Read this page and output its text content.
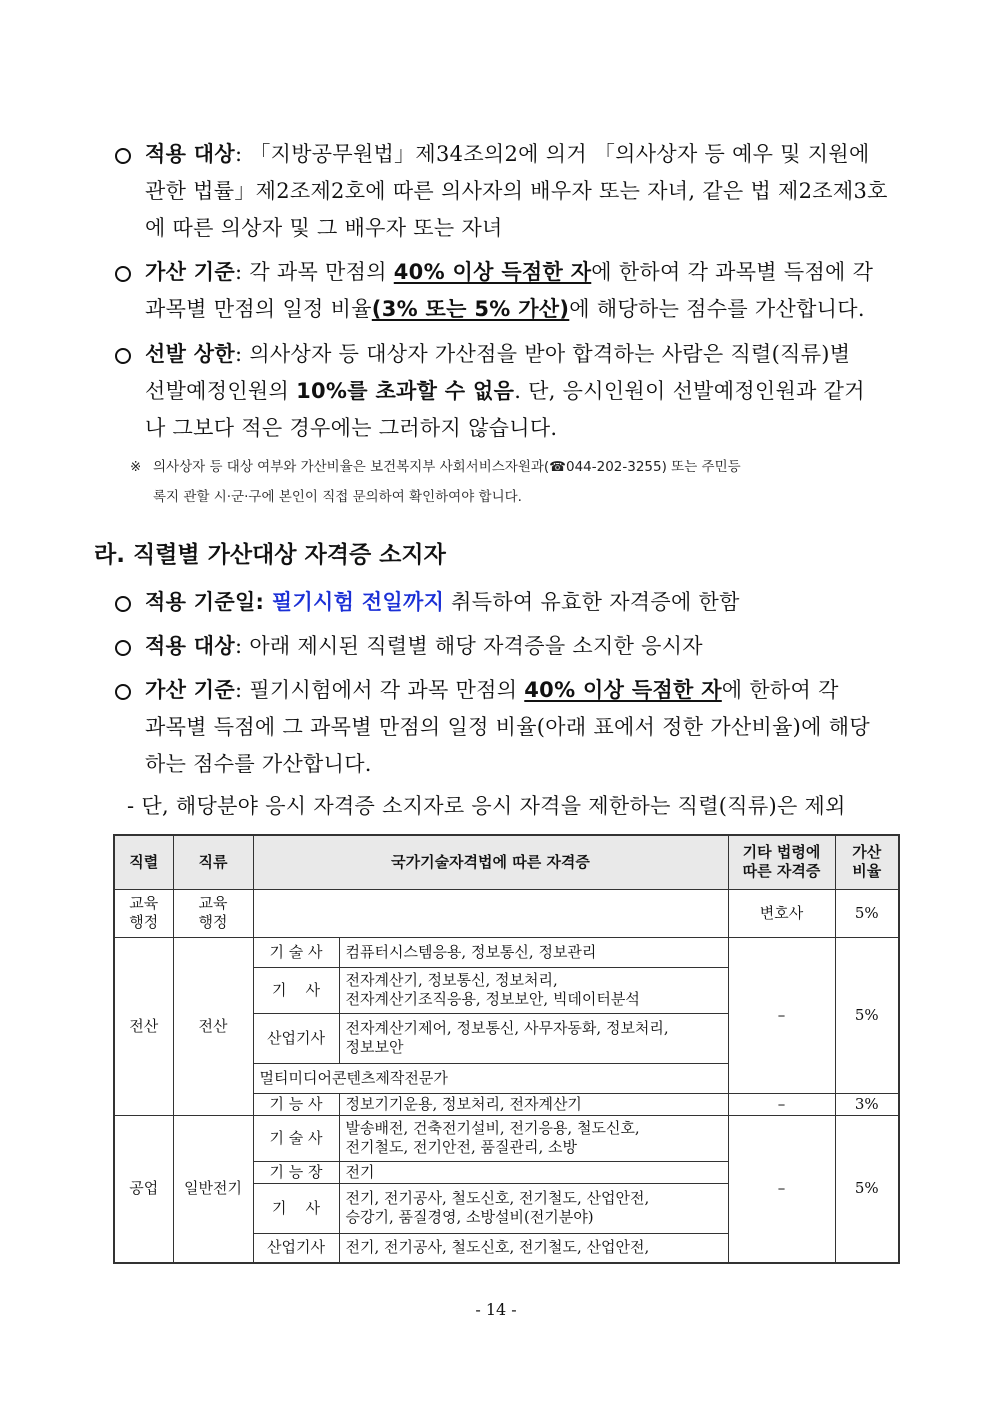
적용 대상: 「지방공무원법」제34조의2에 의거 「의사상자 등 예우 및 지원에
관한 법률」제2조제2호에 따른 의사자의 배우자 또는 자녀, 같은 법 제2조제3호
에 따른 의상자 및 그 배우자 또는 자녀
가산 기준: 각 과목 만점의 40% 이상 득점한 자에 한하여 각 과목별 득점에 각
과목별 만점의 일정 비율(3% 또는 5% 가산)에 해당하는 점수를 가산합니다.
선발 상한: 의사상자 등 대상자 가산점을 받아 합격하는 사람은 직렬(직류)별
선발예정인원의 10%를 초과할 수 없음. 단, 응시인원이 선발예정인원과 같거
나 그보다 적은 경우에는 그러하지 않습니다.
※ 의사상자 등 대상 여부와 가산비율은 보건복지부 사회서비스자원과(☎044-202-3255) 또는 주민등
록지 관할 시·군·구에 본인이 직접 문의하여 확인하여야 합니다.
라. 직렬별 가산대상 자격증 소지자
적용 기준일: 필기시험 전일까지 취득하여 유효한 자격증에 한함
적용 대상: 아래 제시된 직렬별 해당 자격증을 소지한 응시자
가산 기준: 필기시험에서 각 과목 만점의 40% 이상 득점한 자에 한하여 각
과목별 득점에 그 과목별 만점의 일정 비율(아래 표에서 정한 가산비율)에 해당
하는 점수를 가산합니다.
- 단, 해당분야 응시 자격증 소지자로 응시 자격을 제한하는 직렬(직류)은 제외
직렬	직류	국가기술자격법에 따른 자격증		기타 법령에
따른 자격증	가산
비율
교육
행정	교육
행정			변호사	5%
전산	전산	기 술 사	컴퓨터시스템응용, 정보통신, 정보관리	–	5%
		기    사	전자계산기, 정보통신, 정보처리,
전자계산기조직응용, 정보보안, 빅데이터분석		
		산업기사	전자계산기제어, 정보통신, 사무자동화, 정보처리,
정보보안		
		멀티미디어콘텐츠제작전문가			
		기 능 사	정보기기운용, 정보처리, 전자계산기	–	3%
공업	일반전기	기 술 사	발송배전, 건축전기설비, 전기응용, 철도신호,
전기철도, 전기안전, 품질관리, 소방	–	5%
		기 능 장	전기		
		기    사	전기, 전기공사, 철도신호, 전기철도, 산업안전,
승강기, 품질경영, 소방설비(전기분야)		
		산업기사	전기, 전기공사, 철도신호, 전기철도, 산업안전,		
- 14 -
